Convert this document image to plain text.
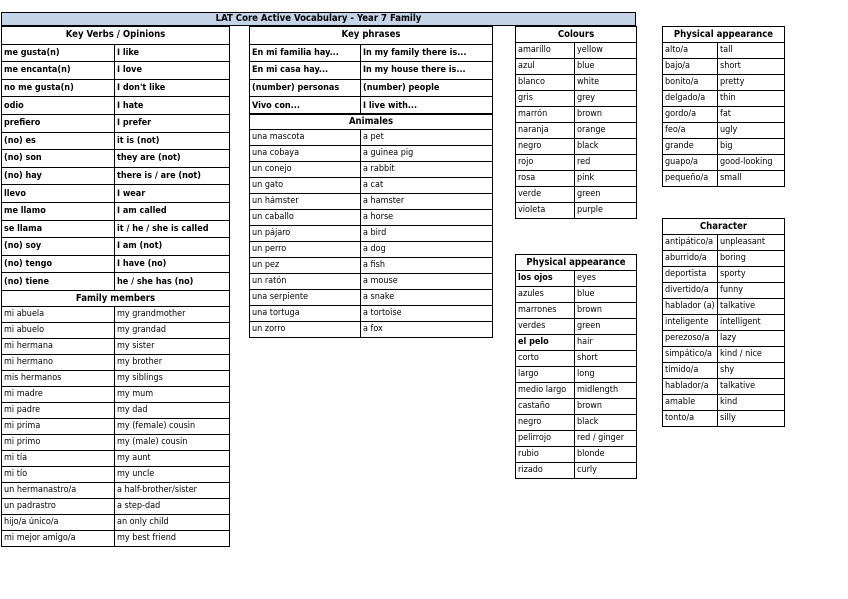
LAT Core Active Vocabulary - Year 7 Family
Key Verbs / Opinions	
me gusta(n)	I like
me encanta(n)	I love
no me gusta(n)	I don't like
odio	I hate
prefiero	I prefer
(no) es	it is (not)
(no) son	they are (not)
(no) hay	there is / are (not)
llevo	I wear
me llamo	I am called
se llama	it / he / she is called
(no) soy	I am (not)
(no) tengo	I have (no)
(no) tiene	he / she has (no)
Family members	
mi abuela	my grandmother
mi abuelo	my grandad
mi hermana	my sister
mi hermano	my brother
mis hermanos	my siblings
mi madre	my mum
mi padre	my dad
mi prima	my (female) cousin
mi primo	my (male) cousin
mi tía	my aunt
mi tío	my uncle
un hermanastro/a	a half-brother/sister
un padrastro	a step-dad
hijo/a único/a	an only child
mi mejor amigo/a	my best friend
Key phrases	
En mi familia hay...	In my family there is...
En mi casa hay...	In my house there is...
(number) personas	(number) people
Vivo con...	I live with...
Animales	
una mascota	a pet
una cobaya	a guinea pig
un conejo	a rabbit
un gato	a cat
un hámster	a hamster
un caballo	a horse
un pájaro	a bird
un perro	a dog
un pez	a fish
un ratón	a mouse
una serpiente	a snake
una tortuga	a tortoise
un zorro	a fox
Colours	
amarillo	yellow
azul	blue
blanco	white
gris	grey
marrón	brown
naranja	orange
negro	black
rojo	red
rosa	pink
verde	green
violeta	purple
Physical appearance	
los ojos	eyes
azules	blue
marrones	brown
verdes	green
el pelo	hair
corto	short
largo	long
medio largo	midlength
castaño	brown
negro	black
pelirrojo	red / ginger
rubio	blonde
rizado	curly
Physical appearance	
alto/a	tall
bajo/a	short
bonito/a	pretty
delgado/a	thin
gordo/a	fat
feo/a	ugly
grande	big
guapo/a	good-looking
pequeño/a	small
Character	
antipático/a	unpleasant
aburrido/a	boring
deportista	sporty
divertido/a	funny
hablador (a)	talkative
inteligente	intelligent
perezoso/a	lazy
simpático/a	kind / nice
tímido/a	shy
hablador/a	talkative
amable	kind
tonto/a	silly
